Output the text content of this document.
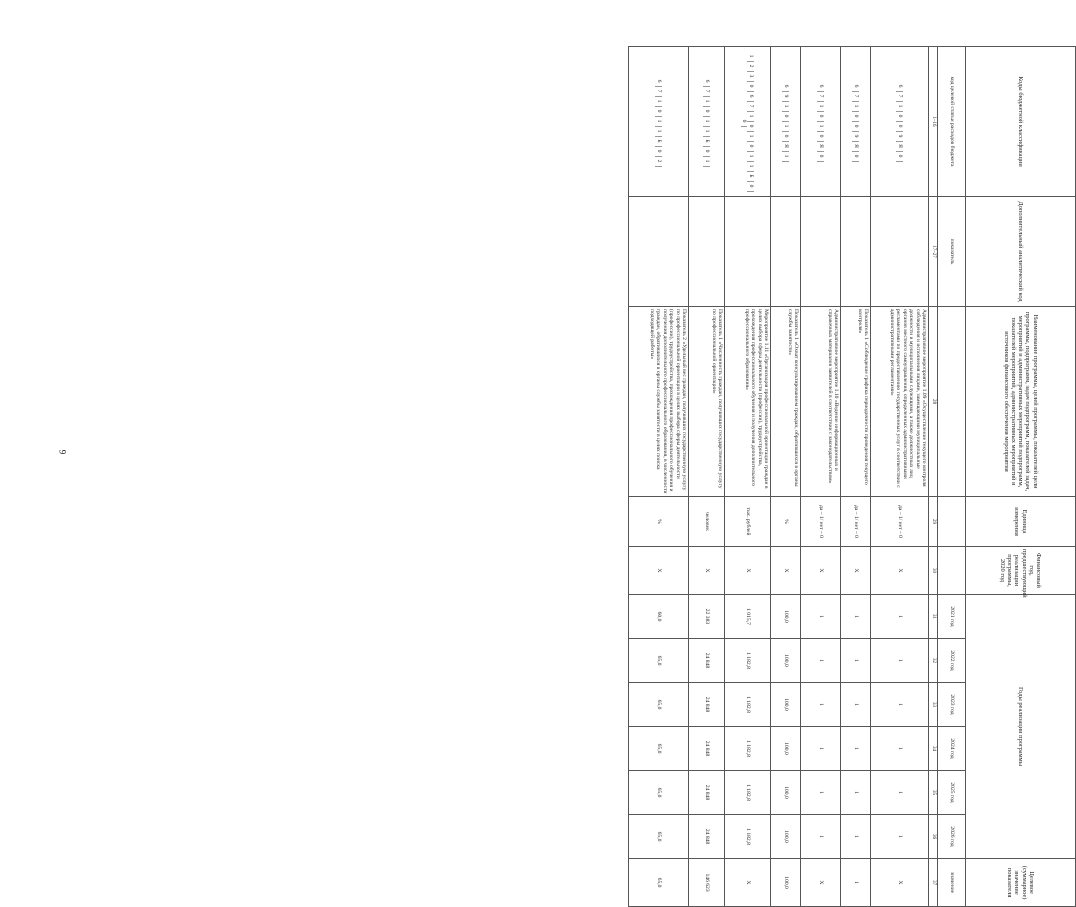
9
Коды бюджетной классификации	Дополнительный аналитический код	Наименование программы, целей программы, показателей цели программы, подпрограмм, задач подпрограмм, показателей задач, мероприятий и административных мероприятий подпрограмм, показателей мероприятий, административных мероприятий и источников финансового обеспечения мероприятия	Единица измерения	Финансовый год, предшествующий реализации программы, 2020 год	Годы реализации программы						Целевое (суммарное) значение показателя
код целевой статьи расходов бюджета	показатель				2021 год	2022 год	2023 год	2024 год	2025 год	2026 год	значение
1–16	17–27	28	29	30	31	32	33	34	35	36	37
671009Я0		Административное мероприятие 1.09 «Осуществление текущего контроля соблюдения и исполнения лицами, замещающими муниципальные должности и муниципальными служащими, а также должностных лиц органов местного самоуправления, определенных административными регламентами по предоставлению государственных услуг в соответствии с административными регламентами»	да – 1/ нет – 0	Х	1	1	1	1	1	1	Х
671009Я0		Показатель 1 «Соблюдение графика периодичности проведения текущего контроля»	да – 1/ нет – 0	Х	1	1	1	1	1	1	1
671010Я0		Административное мероприятие 1.10 «Ведение информационных и справочных материалов заявителей в соответствии с законодательством»	да – 1/ нет – 0	Х	1	1	1	1	1	1	Х
691010Я1		Показатель 1 «Охват консультированием граждан, обратившихся в органы службы занятости»	%	Х	100,0	100,0	100,0	100,0	100,0	100,0	100,0
123067101011Б00		Мероприятие 1.11 «Организация профессиональной ориентации граждан в целях выбора сферы деятельности (профессии), трудоустройства, прохождения профессионального обучения и получения дополнительного профессионального образования»	тыс. рублей	Х	1 015,7	1 182,8	1 182,8	1 182,8	1 182,8	1 182,8	Х
671011Б01		Показатель 1 «Численность граждан, получивших государственную услугу по профессиональной ориентации»	человек	Х	22 383	24 848	24 848	24 848	24 848	24 848	146 623
671011Б02		Показатель 2 «Удельный вес граждан, получивших государственную услугу по профессиональной ориентации в целях выбора сферы деятельности (профессии), трудоустройства, прохождения профессионального обучения и получения дополнительного профессионального образования, в численности граждан, обратившихся в органы службы занятости в целях поиска подходящей работы»	%	Х	60,0	65,0	65,0	65,0	65,0	65,0	65,0
